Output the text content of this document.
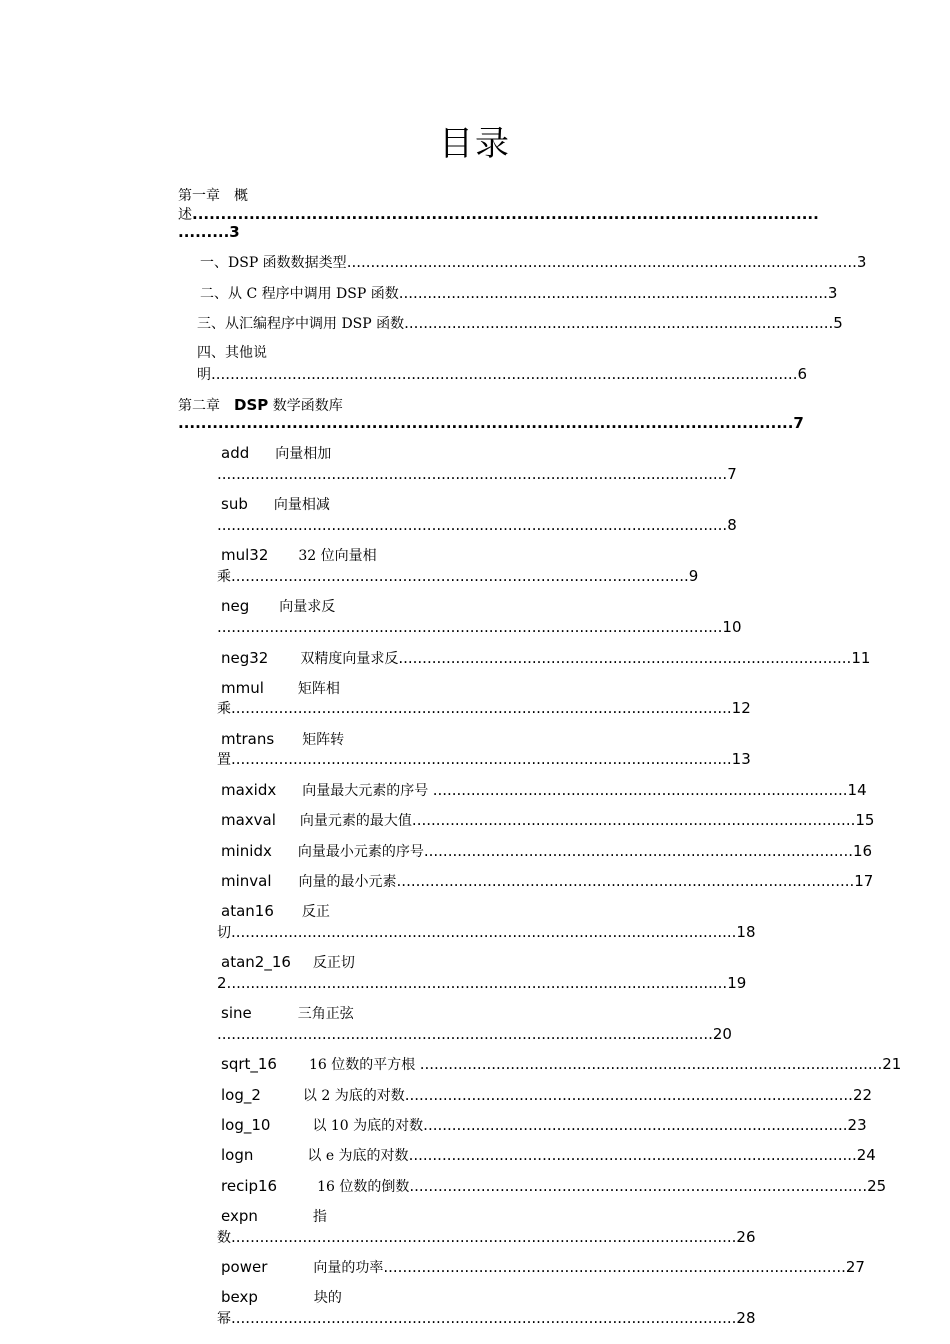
目录
第一章　概
述..............................................................................................................
.........3
一、DSP 函数数据类型...........................................................................................................3
二、从 C 程序中调用 DSP 函数..........................................................................................3
三、从汇编程序中调用 DSP 函数..........................................................................................5
四、其他说
明...........................................................................................................................6
第二章　DSP 数学函数库
............................................................................................................7
add 向量相加
...........................................................................................................7
sub 向量相减
...........................................................................................................8
mul32 32 位向量相
乘................................................................................................9
neg 向量求反
..........................................................................................................10
neg32 双精度向量求反...............................................................................................11
mmul 矩阵相
乘.........................................................................................................12
mtrans 矩阵转
置.........................................................................................................13
maxidx 向量最大元素的序号 .......................................................................................14
maxval 向量元素的最大值.............................................................................................15
minidx 向量最小元素的序号..........................................................................................16
minval 向量的最小元素................................................................................................17
atan16 反正
切..........................................................................................................18
atan2_16 反正切
2.........................................................................................................19
sine	三角正弦
........................................................................................................20
sqrt_16 16 位数的平方根 .................................................................................................21
log_2	以 2 为底的对数..............................................................................................22
log_10	以 10 为底的对数.........................................................................................23
logn	以 e 为底的对数..............................................................................................24
recip16	16 位数的倒数................................................................................................25
expn	指
数..........................................................................................................26
power	向量的功率.................................................................................................27
bexp	块的
幂..........................................................................................................28
